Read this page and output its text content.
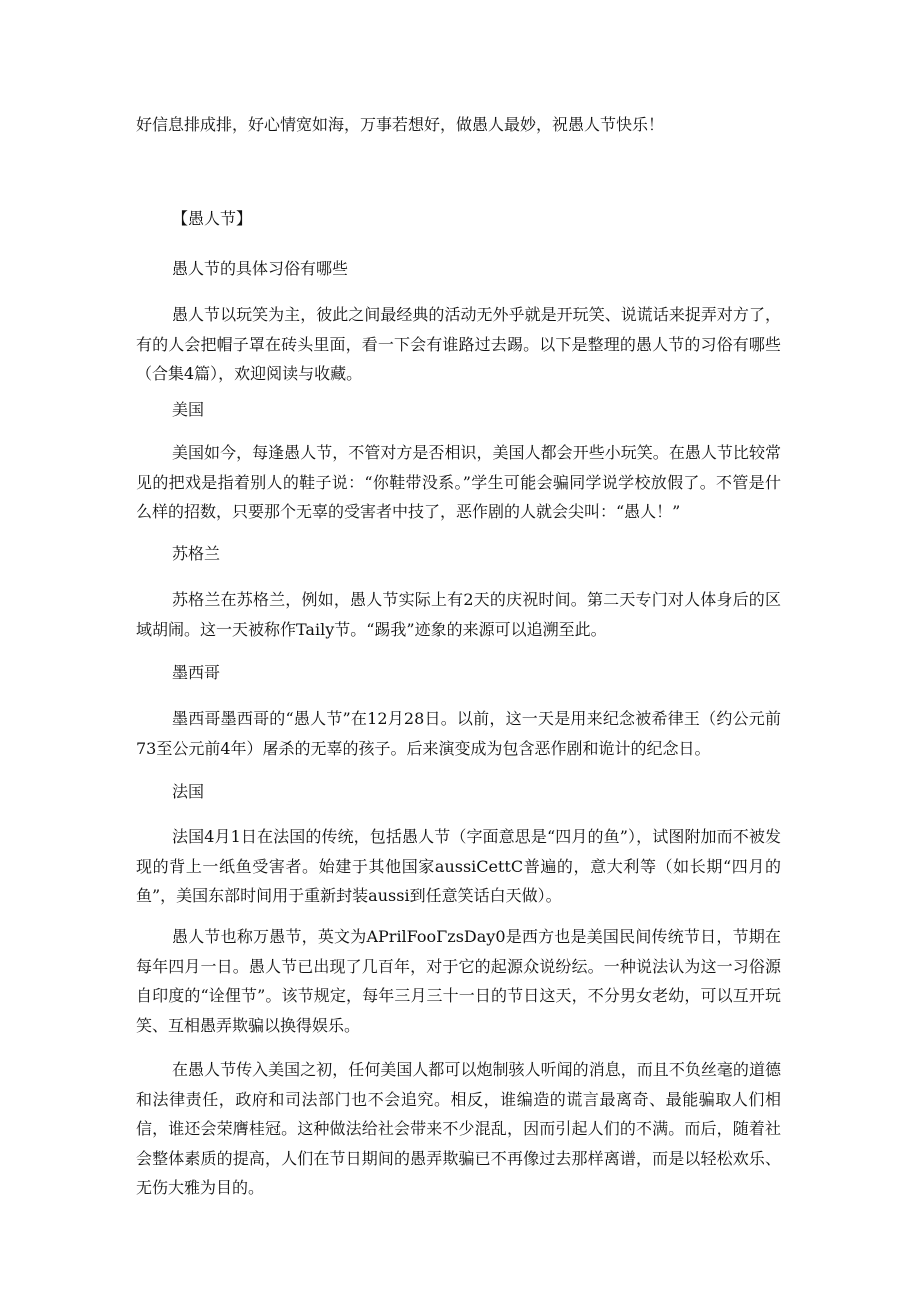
好信息排成排，好心情宽如海，万事若想好，做愚人最妙，祝愚人节快乐！

【愚人节】

愚人节的具体习俗有哪些

愚人节以玩笑为主，彼此之间最经典的活动无外乎就是开玩笑、说谎话来捉弄对方了，有的人会把帽子罩在砖头里面，看一下会有谁路过去踢。以下是整理的愚人节的习俗有哪些（合集4篇），欢迎阅读与收藏。

美国

美国如今，每逢愚人节，不管对方是否相识，美国人都会开些小玩笑。在愚人节比较常见的把戏是指着别人的鞋子说：“你鞋带没系。”学生可能会骗同学说学校放假了。不管是什么样的招数，只要那个无辜的受害者中技了，恶作剧的人就会尖叫：“愚人！”

苏格兰

苏格兰在苏格兰，例如，愚人节实际上有2天的庆祝时间。第二天专门对人体身后的区域胡闹。这一天被称作Taily节。“踢我”迹象的来源可以追溯至此。

墨西哥

墨西哥墨西哥的“愚人节”在12月28日。以前，这一天是用来纪念被希律王（约公元前73至公元前4年）屠杀的无辜的孩子。后来演变成为包含恶作剧和诡计的纪念日。

法国

法国4月1日在法国的传统，包括愚人节（字面意思是“四月的鱼”），试图附加而不被发现的背上一纸鱼受害者。始建于其他国家aussiCettC普遍的，意大利等（如长期“四月的鱼”，美国东部时间用于重新封装aussi到任意笑话白天做）。

愚人节也称万愚节，英文为APrilFooΓzsDay0是西方也是美国民间传统节日，节期在每年四月一日。愚人节已出现了几百年，对于它的起源众说纷纭。一种说法认为这一习俗源自印度的“诠俚节”。该节规定，每年三月三十一日的节日这天，不分男女老幼，可以互开玩笑、互相愚弄欺骗以换得娱乐。

在愚人节传入美国之初，任何美国人都可以炮制骇人听闻的消息，而且不负丝毫的道德和法律责任，政府和司法部门也不会追究。相反，谁编造的谎言最离奇、最能骗取人们相信，谁还会荣膺桂冠。这种做法给社会带来不少混乱，因而引起人们的不满。而后，随着社会整体素质的提高，人们在节日期间的愚弄欺骗已不再像过去那样离谱，而是以轻松欢乐、无伤大雅为目的。
